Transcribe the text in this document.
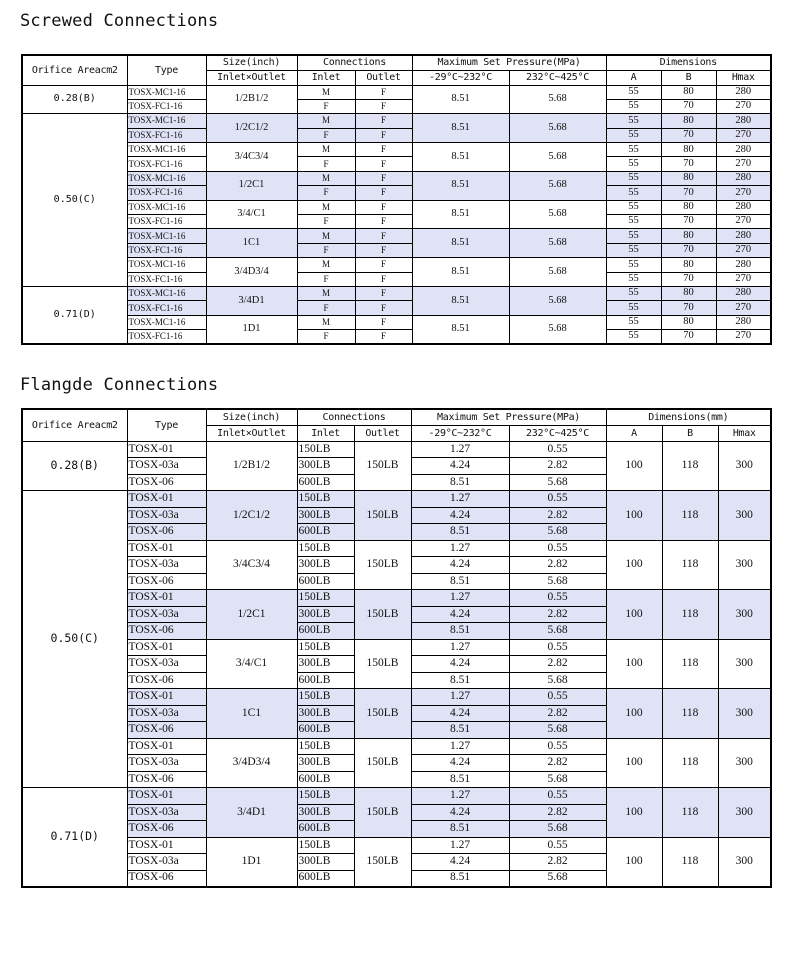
Screwed Connections
Orifice Areacm2	Type	Size(inch)	Connections		Maximum Set Pressure(MPa)		Dimensions		
		Inlet×Outlet	Inlet	Outlet	-29°C~232°C	232°C~425°C	A	B	Hmax
0.28(B)	TOSX-MC1-16	1/2B1/2	M	F	8.51	5.68	55	80	280
	TOSX-FC1-16		F	F			55	70	270
0.50(C)	TOSX-MC1-16	1/2C1/2	M	F	8.51	5.68	55	80	280
	TOSX-FC1-16		F	F			55	70	270
	TOSX-MC1-16	3/4C3/4	M	F	8.51	5.68	55	80	280
	TOSX-FC1-16		F	F			55	70	270
	TOSX-MC1-16	1/2C1	M	F	8.51	5.68	55	80	280
	TOSX-FC1-16		F	F			55	70	270
	TOSX-MC1-16	3/4/C1	M	F	8.51	5.68	55	80	280
	TOSX-FC1-16		F	F			55	70	270
	TOSX-MC1-16	1C1	M	F	8.51	5.68	55	80	280
	TOSX-FC1-16		F	F			55	70	270
	TOSX-MC1-16	3/4D3/4	M	F	8.51	5.68	55	80	280
	TOSX-FC1-16		F	F			55	70	270
0.71(D)	TOSX-MC1-16	3/4D1	M	F	8.51	5.68	55	80	280
	TOSX-FC1-16		F	F			55	70	270
	TOSX-MC1-16	1D1	M	F	8.51	5.68	55	80	280
	TOSX-FC1-16		F	F			55	70	270
Flangde Connections
Orifice Areacm2	Type	Size(inch)	Connections		Maximum Set Pressure(MPa)		Dimensions(mm)		
		Inlet×Outlet	Inlet	Outlet	-29°C~232°C	232°C~425°C	A	B	Hmax
0.28(B)	TOSX-01	1/2B1/2	150LB	150LB	1.27	0.55	100	118	300
	TOSX-03a		300LB		4.24	2.82			
	TOSX-06		600LB		8.51	5.68			
0.50(C)	TOSX-01	1/2C1/2	150LB	150LB	1.27	0.55	100	118	300
	TOSX-03a		300LB		4.24	2.82			
	TOSX-06		600LB		8.51	5.68			
	TOSX-01	3/4C3/4	150LB	150LB	1.27	0.55	100	118	300
	TOSX-03a		300LB		4.24	2.82			
	TOSX-06		600LB		8.51	5.68			
	TOSX-01	1/2C1	150LB	150LB	1.27	0.55	100	118	300
	TOSX-03a		300LB		4.24	2.82			
	TOSX-06		600LB		8.51	5.68			
	TOSX-01	3/4/C1	150LB	150LB	1.27	0.55	100	118	300
	TOSX-03a		300LB		4.24	2.82			
	TOSX-06		600LB		8.51	5.68			
	TOSX-01	1C1	150LB	150LB	1.27	0.55	100	118	300
	TOSX-03a		300LB		4.24	2.82			
	TOSX-06		600LB		8.51	5.68			
	TOSX-01	3/4D3/4	150LB	150LB	1.27	0.55	100	118	300
	TOSX-03a		300LB		4.24	2.82			
	TOSX-06		600LB		8.51	5.68			
0.71(D)	TOSX-01	3/4D1	150LB	150LB	1.27	0.55	100	118	300
	TOSX-03a		300LB		4.24	2.82			
	TOSX-06		600LB		8.51	5.68			
	TOSX-01	1D1	150LB	150LB	1.27	0.55	100	118	300
	TOSX-03a		300LB		4.24	2.82			
	TOSX-06		600LB		8.51	5.68			
